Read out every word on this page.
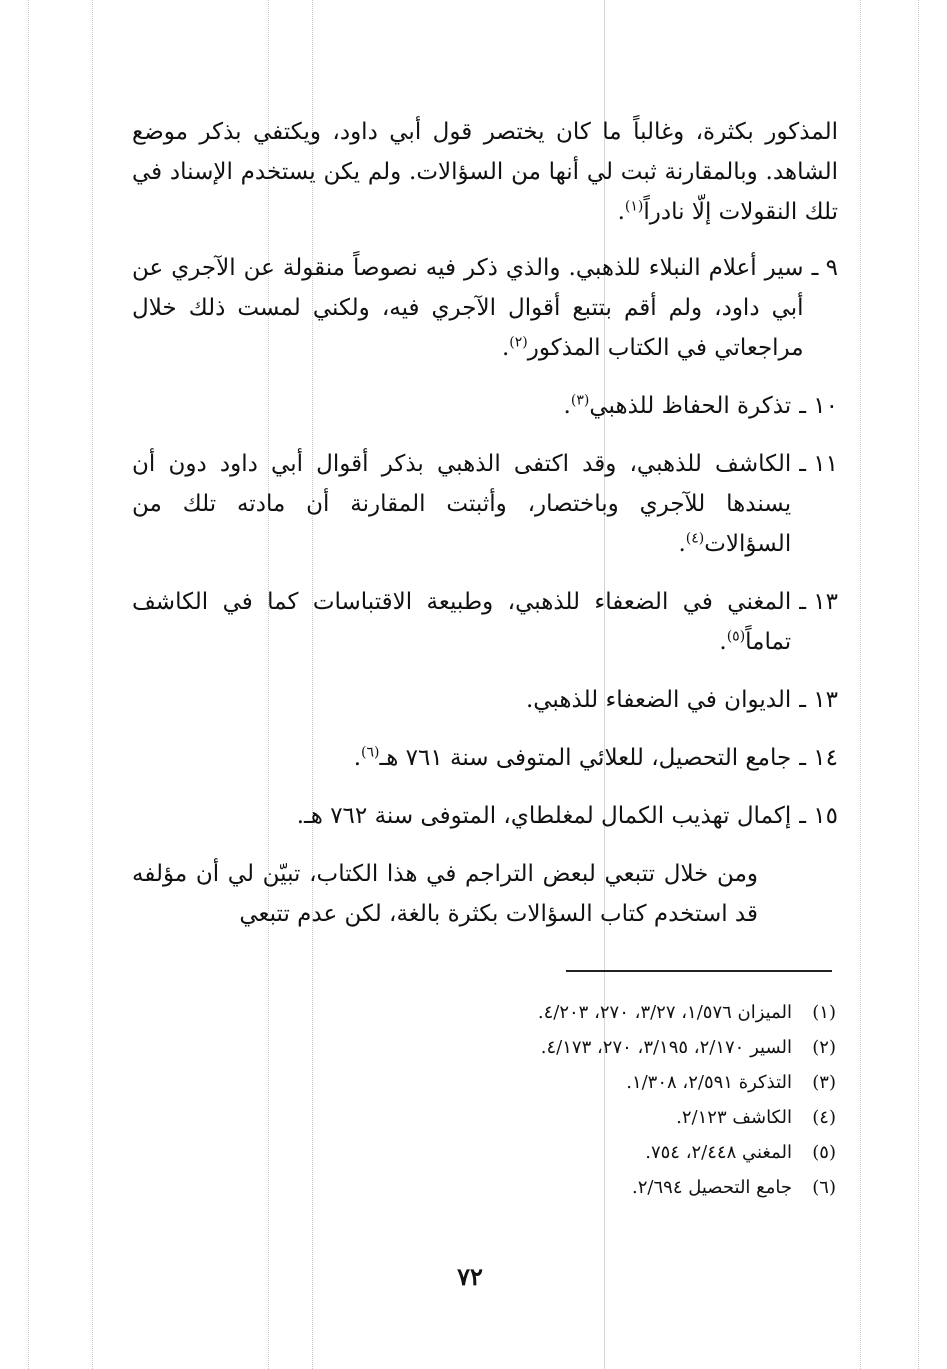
المذكور بكثرة، وغالباً ما كان يختصر قول أبي داود، ويكتفي بذكر موضع الشاهد. وبالمقارنة ثبت لي أنها من السؤالات. ولم يكن يستخدم الإسناد في تلك النقولات إلّا نادراً$^{(١)}$.

٩ ـ
سير أعلام النبلاء للذهبي. والذي ذكر فيه نصوصاً منقولة عن الآجري عن أبي داود، ولم أقم بتتبع أقوال الآجري فيه، ولكني لمست ذلك خلال مراجعاتي في الكتاب المذكور$^{(٢)}$.
١٠ ـ
تذكرة الحفاظ للذهبي$^{(٣)}$.
١١ ـ
الكاشف للذهبي، وقد اكتفى الذهبي بذكر أقوال أبي داود دون أن يسندها للآجري وباختصار، وأثبتت المقارنة أن مادته تلك من السؤالات$^{(٤)}$.
١٣ ـ
المغني في الضعفاء للذهبي، وطبيعة الاقتباسات كما في الكاشف تماماً$^{(٥)}$.
١٣ ـ
الديوان في الضعفاء للذهبي.
١٤ ـ
جامع التحصيل، للعلائي المتوفى سنة ٧٦١ هـ$^{(٦)}$.
١٥ ـ
إكمال تهذيب الكمال لمغلطاي، المتوفى سنة ٧٦٢ هـ.

ومن خلال تتبعي لبعض التراجم في هذا الكتاب، تبيّن لي أن مؤلفه قد استخدم كتاب السؤالات بكثرة بالغة، لكن عدم تتبعي

(١)
الميزان ١/٥٧٦، ٣/٢٧، ٢٧٠، ٤/٢٠٣.
(٢)
السير ٢/١٧٠، ٣/١٩٥، ٢٧٠، ٤/١٧٣.
(٣)
التذكرة ٢/٥٩١، ١/٣٠٨.
(٤)
الكاشف ٢/١٢٣.
(٥)
المغني ٢/٤٤٨، ٧٥٤.
(٦)
جامع التحصيل ٢/٦٩٤.
٧٢
